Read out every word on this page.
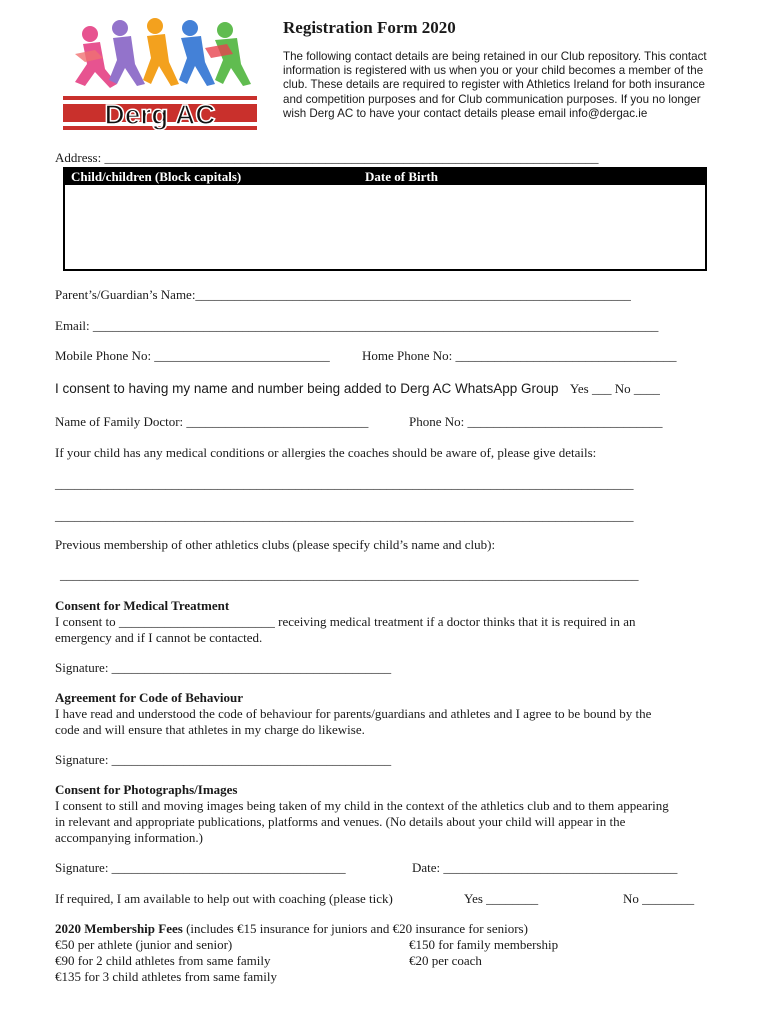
Derg AC
Registration Form 2020
The following contact details are being retained in our Club repository. This contact information is registered with us when you or your child becomes a member of the club. These details are required to register with Athletics Ireland for both insurance and competition purposes and for Club communication purposes. If you no longer wish Derg AC to have your contact details please email info@dergac.ie
Address: ____________________________________________________________________________
Child/children (Block capitals)	Date of Birth

Parent’s/Guardian’s Name:___________________________________________________________________
Email: _______________________________________________________________________________________
Mobile Phone No: ___________________________ Home Phone No: __________________________________
I consent to having my name and number being added to Derg AC WhatsApp Group Yes ___ No ____
Name of Family Doctor: ____________________________	Phone No: ______________________________
If your child has any medical conditions or allergies the coaches should be aware of, please give details:
_________________________________________________________________________________________
_________________________________________________________________________________________
Previous membership of other athletics clubs (please specify child’s name and club):
_________________________________________________________________________________________
Consent for Medical Treatment
I consent to ________________________ receiving medical treatment if a doctor thinks that it is required in an
emergency and if I cannot be contacted.
Signature: ___________________________________________
Agreement for Code of Behaviour
I have read and understood the code of behaviour for parents/guardians and athletes and I agree to be bound by the
code and will ensure that athletes in my charge do likewise.
Signature: ___________________________________________
Consent for Photographs/Images
I consent to still and moving images being taken of my child in the context of the athletics club and to them appearing
in relevant and appropriate publications, platforms and venues. (No details about your child will appear in the
accompanying information.)
Signature: ____________________________________	Date: ____________________________________
If required, I am available to help out with coaching (please tick)	Yes ________	No ________
2020 Membership Fees (includes €15 insurance for juniors and €20 insurance for seniors)
€50 per athlete (junior and senior)	€150 for family membership
€90 for 2 child athletes from same family	€20 per coach
€135 for 3 child athletes from same family
